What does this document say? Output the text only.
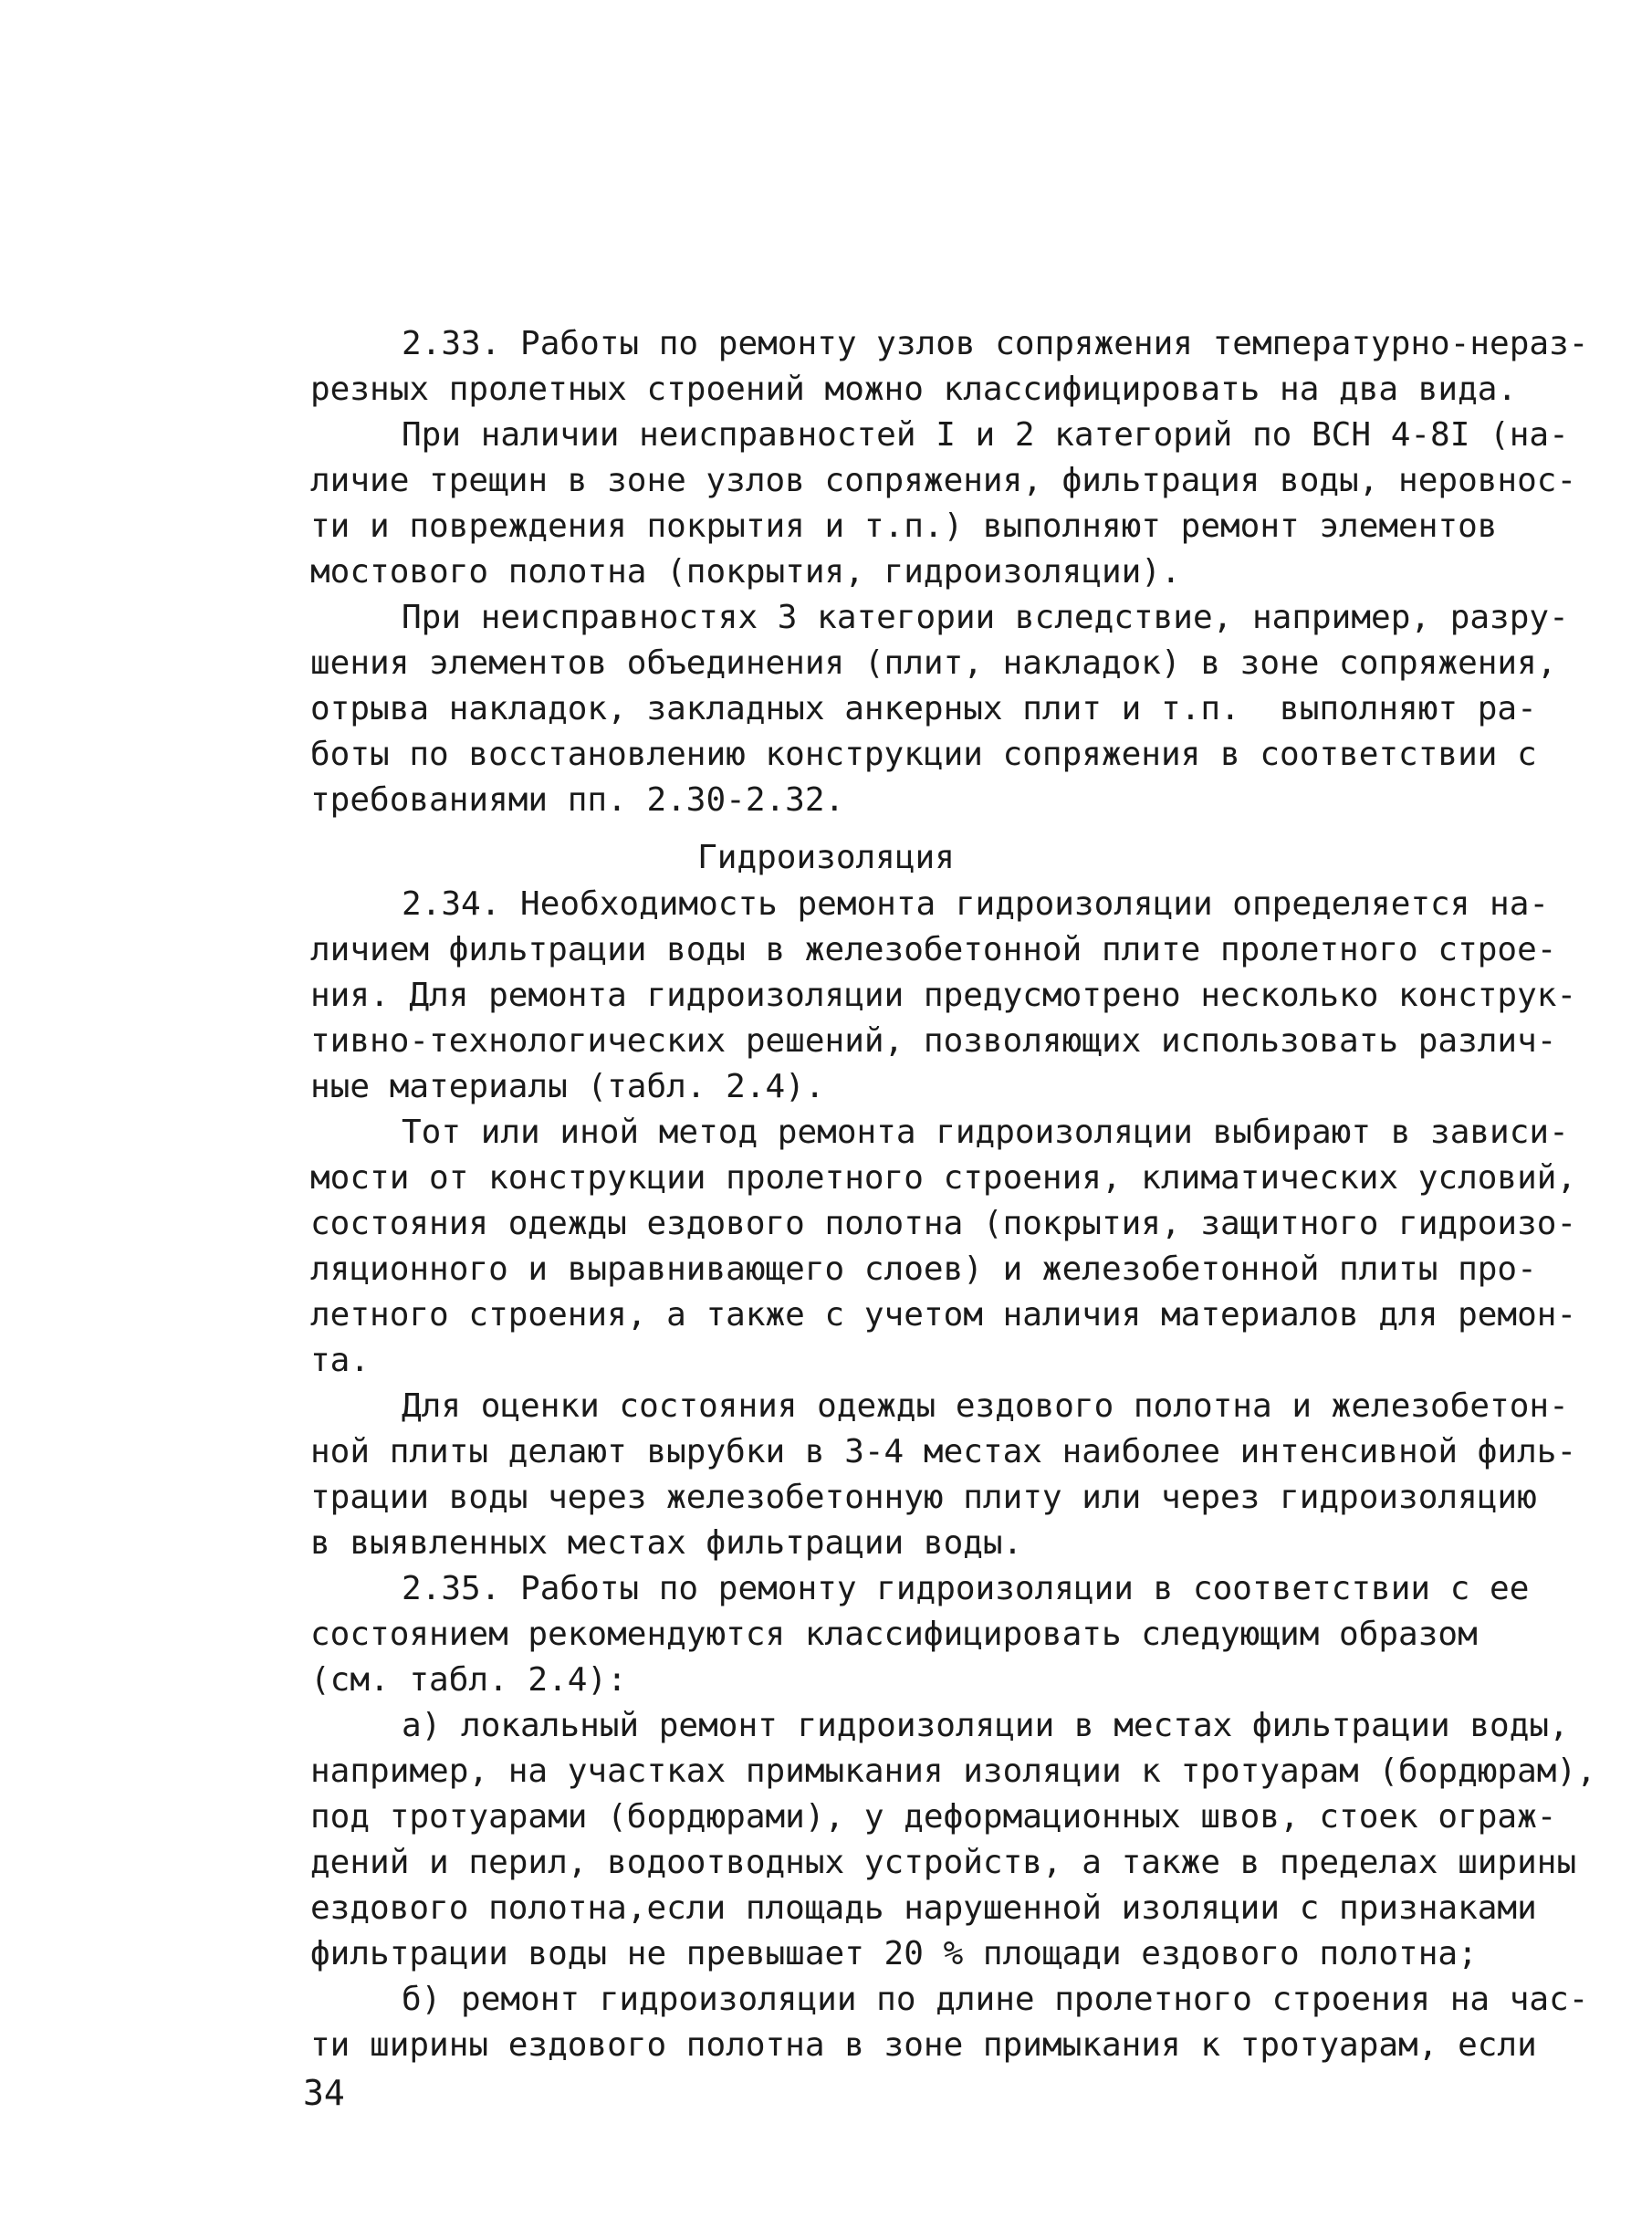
2.33. Работы по ремонту узлов сопряжения температурно-нераз-
резных пролетных строений можно классифицировать на два вида.
При наличии неисправностей I и 2 категорий по ВСН 4-8I (на-
личие трещин в зоне узлов сопряжения, фильтрация воды, неровнос-
ти и повреждения покрытия и т.п.) выполняют ремонт элементов
мостового полотна (покрытия, гидроизоляции).
При неисправностях 3 категории вследствие, например, разру-
шения элементов объединения (плит, накладок) в зоне сопряжения,
отрыва накладок, закладных анкерных плит и т.п.  выполняют ра-
боты по восстановлению конструкции сопряжения в соответствии с
требованиями пп. 2.30-2.32.
Гидроизоляция
2.34. Необходимость ремонта гидроизоляции определяется на-
личием фильтрации воды в железобетонной плите пролетного строе-
ния. Для ремонта гидроизоляции предусмотрено несколько конструк-
тивно-технологических решений, позволяющих использовать различ-
ные материалы (табл. 2.4).
Тот или иной метод ремонта гидроизоляции выбирают в зависи-
мости от конструкции пролетного строения, климатических условий,
состояния одежды ездового полотна (покрытия, защитного гидроизо-
ляционного и выравнивающего слоев) и железобетонной плиты про-
летного строения, а также с учетом наличия материалов для ремон-
та.
Для оценки состояния одежды ездового полотна и железобетон-
ной плиты делают вырубки в 3-4 местах наиболее интенсивной филь-
трации воды через железобетонную плиту или через гидроизоляцию
в выявленных местах фильтрации воды.
2.35. Работы по ремонту гидроизоляции в соответствии с ее
состоянием рекомендуются классифицировать следующим образом
(см. табл. 2.4):
а) локальный ремонт гидроизоляции в местах фильтрации воды,
например, на участках примыкания изоляции к тротуарам (бордюрам),
под тротуарами (бордюрами), у деформационных швов, стоек ограж-
дений и перил, водоотводных устройств, а также в пределах ширины
ездового полотна,если площадь нарушенной изоляции с признаками
фильтрации воды не превышает 20 % площади ездового полотна;
б) ремонт гидроизоляции по длине пролетного строения на час-
ти ширины ездового полотна в зоне примыкания к тротуарам, если
34
